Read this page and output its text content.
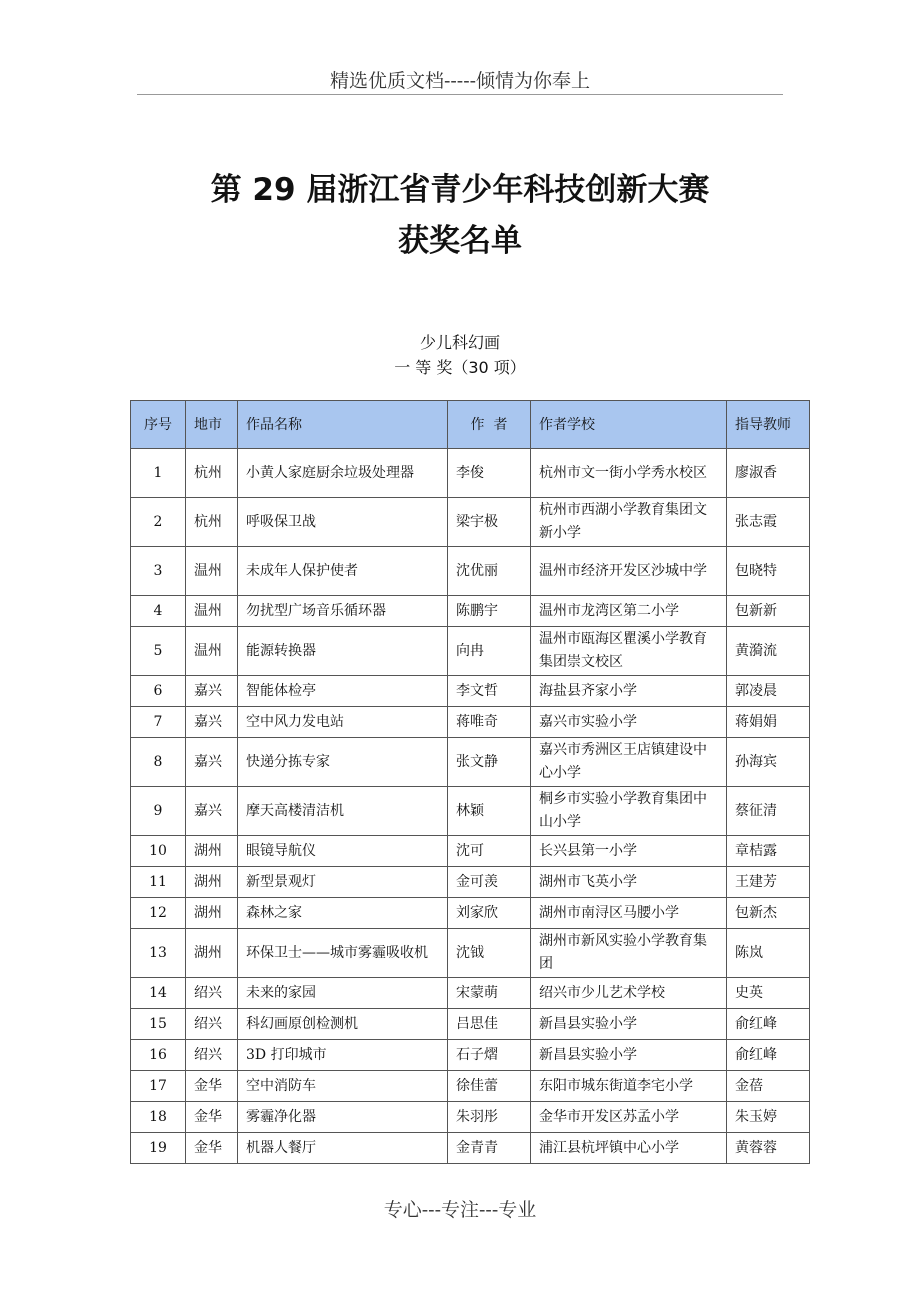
精选优质文档-----倾情为你奉上
第 29 届浙江省青少年科技创新大赛
获奖名单
少儿科幻画
一 等 奖（30 项）
序号	地市	作品名称	作  者	作者学校	指导教师
1	杭州	小黄人家庭厨余垃圾处理器	李俊	杭州市文一街小学秀水校区	廖淑香
2	杭州	呼吸保卫战	梁宇极	杭州市西湖小学教育集团文新小学	张志霞
3	温州	未成年人保护使者	沈优丽	温州市经济开发区沙城中学	包晓特
4	温州	勿扰型广场音乐循环器	陈鹏宇	温州市龙湾区第二小学	包新新
5	温州	能源转换器	向冉	温州市瓯海区瞿溪小学教育集团崇文校区	黄漪流
6	嘉兴	智能体检亭	李文哲	海盐县齐家小学	郭凌晨
7	嘉兴	空中风力发电站	蒋唯奇	嘉兴市实验小学	蒋娟娟
8	嘉兴	快递分拣专家	张文静	嘉兴市秀洲区王店镇建设中心小学	孙海宾
9	嘉兴	摩天高楼清洁机	林颖	桐乡市实验小学教育集团中山小学	蔡征清
10	湖州	眼镜导航仪	沈可	长兴县第一小学	章桔露
11	湖州	新型景观灯	金可羡	湖州市飞英小学	王建芳
12	湖州	森林之家	刘家欣	湖州市南浔区马腰小学	包新杰
13	湖州	环保卫士——城市雾霾吸收机	沈钺	湖州市新风实验小学教育集团	陈岚
14	绍兴	未来的家园	宋蒙萌	绍兴市少儿艺术学校	史英
15	绍兴	科幻画原创检测机	吕思佳	新昌县实验小学	俞红峰
16	绍兴	3D 打印城市	石子熠	新昌县实验小学	俞红峰
17	金华	空中消防车	徐佳蕾	东阳市城东街道李宅小学	金蓓
18	金华	雾霾净化器	朱羽彤	金华市开发区苏孟小学	朱玉婷
19	金华	机器人餐厅	金青青	浦江县杭坪镇中心小学	黄蓉蓉
专心---专注---专业
